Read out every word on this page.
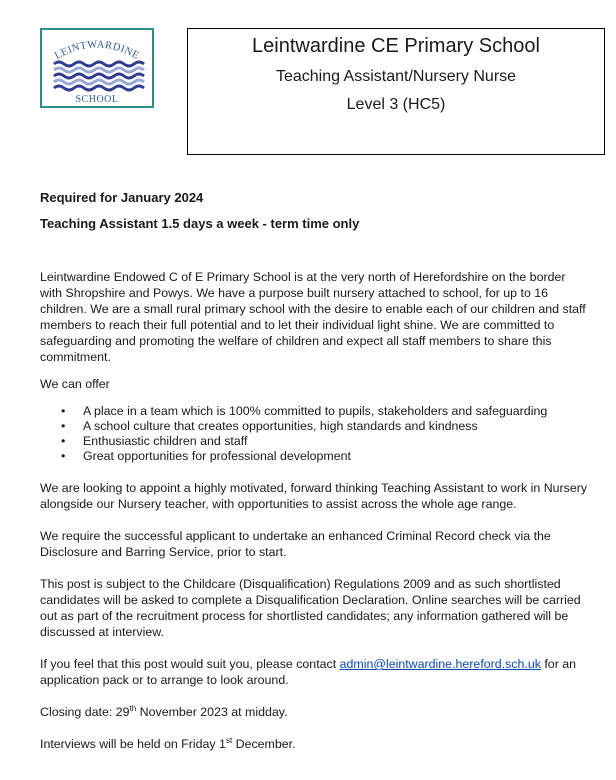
LEINTWARDINE
SCHOOL
Leintwardine CE Primary School
Teaching Assistant/Nursery Nurse
Level 3 (HC5)

Required for January 2024

Teaching Assistant 1.5 days a week - term time only

Leintwardine Endowed C of E Primary School is at the very north of Herefordshire on the border with Shropshire and Powys. We have a purpose built nursery attached to school, for up to 16 children. We are a small rural primary school with the desire to enable each of our children and staff members to reach their full potential and to let their individual light shine. We are committed to safeguarding and promoting the welfare of children and expect all staff members to share this commitment.

We can offer

• A place in a team which is 100% committed to pupils, stakeholders and safeguarding
• A school culture that creates opportunities, high standards and kindness
• Enthusiastic children and staff
• Great opportunities for professional development

We are looking to appoint a highly motivated, forward thinking Teaching Assistant to work in Nursery alongside our Nursery teacher, with opportunities to assist across the whole age range.

We require the successful applicant to undertake an enhanced Criminal Record check via the Disclosure and Barring Service, prior to start.

This post is subject to the Childcare (Disqualification) Regulations 2009 and as such shortlisted candidates will be asked to complete a Disqualification Declaration. Online searches will be carried out as part of the recruitment process for shortlisted candidates; any information gathered will be discussed at interview.

If you feel that this post would suit you, please contact admin@leintwardine.hereford.sch.uk for an application pack or to arrange to look around.

Closing date: 29th November 2023 at midday.

Interviews will be held on Friday 1st December.
